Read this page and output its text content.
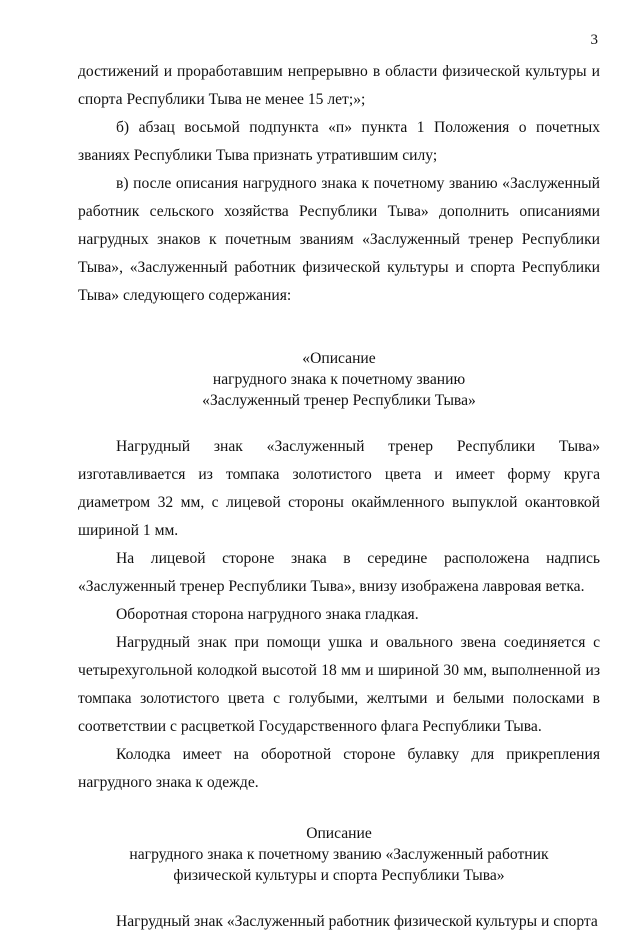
3

достижений и проработавшим непрерывно в области физической культуры и спорта Республики Тыва не менее 15 лет;»;

б) абзац восьмой подпункта «п» пункта 1 Положения о почетных званиях Республики Тыва признать утратившим силу;

в) после описания нагрудного знака к почетному званию «Заслуженный работник сельского хозяйства Республики Тыва» дополнить описаниями нагрудных знаков к почетным званиям «Заслуженный тренер Республики Тыва», «Заслуженный работник физической культуры и спорта Республики Тыва» следующего содержания:

«Описание
нагрудного знака к почетному званию
«Заслуженный тренер Республики Тыва»

Нагрудный знак «Заслуженный тренер Республики Тыва» изготавливается из томпака золотистого цвета и имеет форму круга диаметром 32 мм, с лицевой стороны окаймленного выпуклой окантовкой шириной 1 мм.

На лицевой стороне знака в середине расположена надпись «Заслуженный тренер Республики Тыва», внизу изображена лавровая ветка.

Оборотная сторона нагрудного знака гладкая.

Нагрудный знак при помощи ушка и овального звена соединяется с четырехугольной колодкой высотой 18 мм и шириной 30 мм, выполненной из томпака золотистого цвета с голубыми, желтыми и белыми полосками в соответствии с расцветкой Государственного флага Республики Тыва.

Колодка имеет на оборотной стороне булавку для прикрепления нагрудного знака к одежде.

Описание
нагрудного знака к почетному званию «Заслуженный работник
физической культуры и спорта Республики Тыва»

Нагрудный знак «Заслуженный работник физической культуры и спорта
